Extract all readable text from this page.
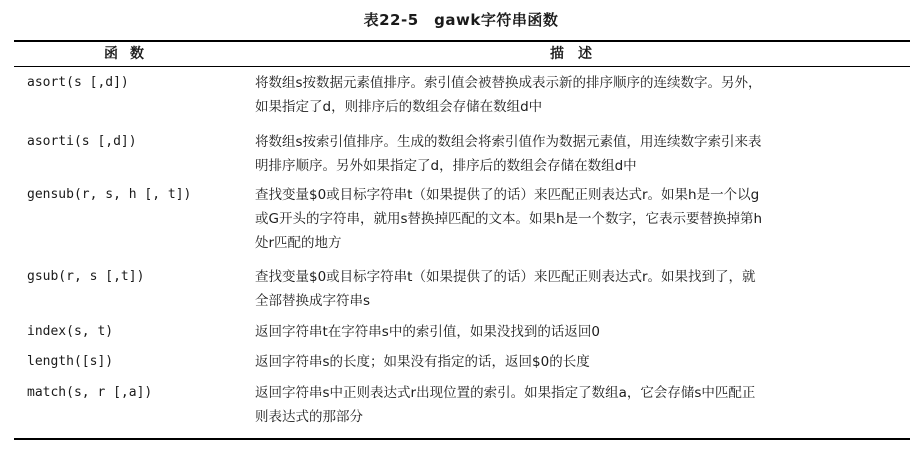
表22-5　gawk字符串函数
函数	描述
asort(s [,d])	将数组s按数据元素值排序。索引值会被替换成表示新的排序顺序的连续数字。另外，
如果指定了d，则排序后的数组会存储在数组d中
asorti(s [,d])	将数组s按索引值排序。生成的数组会将索引值作为数据元素值，用连续数字索引来表
明排序顺序。另外如果指定了d，排序后的数组会存储在数组d中
gensub(r, s, h [, t])	查找变量$0或目标字符串t（如果提供了的话）来匹配正则表达式r。如果h是一个以g
或G开头的字符串，就用s替换掉匹配的文本。如果h是一个数字，它表示要替换掉第h
处r匹配的地方
gsub(r, s [,t])	查找变量$0或目标字符串t（如果提供了的话）来匹配正则表达式r。如果找到了，就
全部替换成字符串s
index(s, t)	返回字符串t在字符串s中的索引值，如果没找到的话返回0
length([s])	返回字符串s的长度；如果没有指定的话，返回$0的长度
match(s, r [,a])	返回字符串s中正则表达式r出现位置的索引。如果指定了数组a，它会存储s中匹配正
则表达式的那部分
